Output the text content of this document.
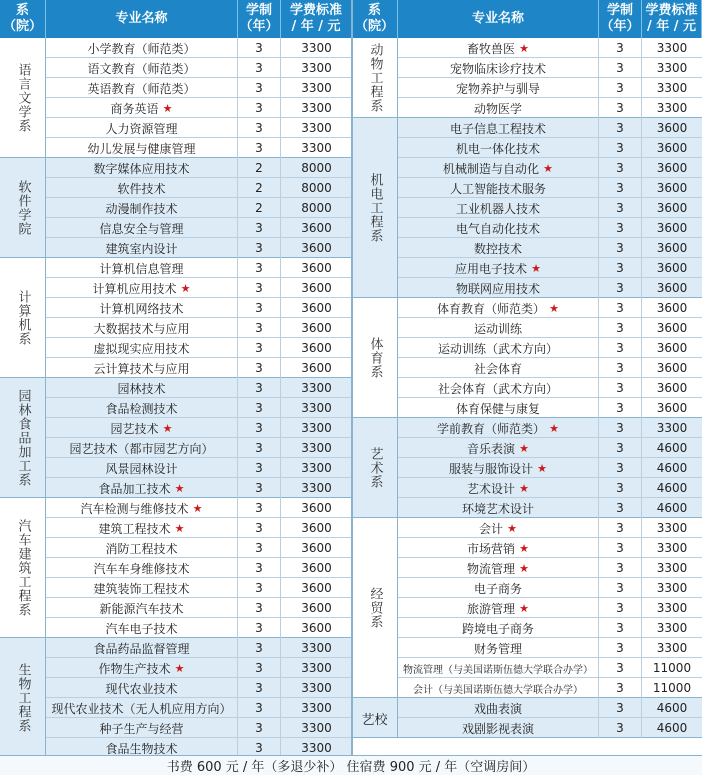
系
（院）
专业名称
学制
（年）
学费标准
/ 年 / 元
语言文学系
小学教育（师范类）	3	3300
语文教育（师范类）	3	3300
英语教育（师范类）	3	3300
商务英语 ★	3	3300
人力资源管理	3	3300
幼儿发展与健康管理	3	3300
软件学院
数字媒体应用技术	2	8000
软件技术	2	8000
动漫制作技术	2	8000
信息安全与管理	3	3600
建筑室内设计	3	3600
计算机系
计算机信息管理	3	3600
计算机应用技术 ★	3	3600
计算机网络技术	3	3600
大数据技术与应用	3	3600
虚拟现实应用技术	3	3600
云计算技术与应用	3	3600
园林食品加工系
园林技术	3	3300
食品检测技术	3	3300
园艺技术 ★	3	3300
园艺技术（都市园艺方向）	3	3300
风景园林设计	3	3300
食品加工技术 ★	3	3300
汽车建筑工程系
汽车检测与维修技术 ★	3	3600
建筑工程技术 ★	3	3600
消防工程技术	3	3600
汽车车身维修技术	3	3600
建筑装饰工程技术	3	3600
新能源汽车技术	3	3600
汽车电子技术	3	3600
生物工程系
食品药品监督管理	3	3300
作物生产技术 ★	3	3300
现代农业技术	3	3300
现代农业技术（无人机应用方向）	3	3300
种子生产与经营	3	3300
食品生物技术	3	3300
系
（院）
专业名称
学制
（年）
学费标准
/ 年 / 元
动物工程系	畜牧兽医 ★	3	3300
宠物临床诊疗技术	3	3300
宠物养护与驯导	3	3300
动物医学	3	3300
机电工程系
电子信息工程技术	3	3600
机电一体化技术	3	3600
机械制造与自动化 ★	3	3600
人工智能技术服务	3	3600
工业机器人技术	3	3600
电气自动化技术	3	3600
数控技术	3	3600
应用电子技术 ★	3	3600
物联网应用技术	3	3600
体育系
体育教育（师范类） ★	3	3600
运动训练	3	3600
运动训练（武术方向）	3	3600
社会体育	3	3600
社会体育（武术方向）	3	3600
体育保健与康复	3	3600
艺术系
学前教育（师范类） ★	3	3300
音乐表演 ★	3	4600
服装与服饰设计 ★	3	4600
艺术设计 ★	3	4600
环境艺术设计	3	4600
经贸系
会计 ★	3	3300
市场营销 ★	3	3300
物流管理 ★	3	3300
电子商务	3	3300
旅游管理 ★	3	3300
跨境电子商务	3	3300
财务管理	3	3300
物流管理（与美国诺斯伍德大学联合办学）	3	11000
会计（与美国诺斯伍德大学联合办学）	3	11000
艺校
戏曲表演	3	4600
戏剧影视表演	3	4600
书费 600 元 / 年（多退少补） 住宿费 900 元 / 年（空调房间）
